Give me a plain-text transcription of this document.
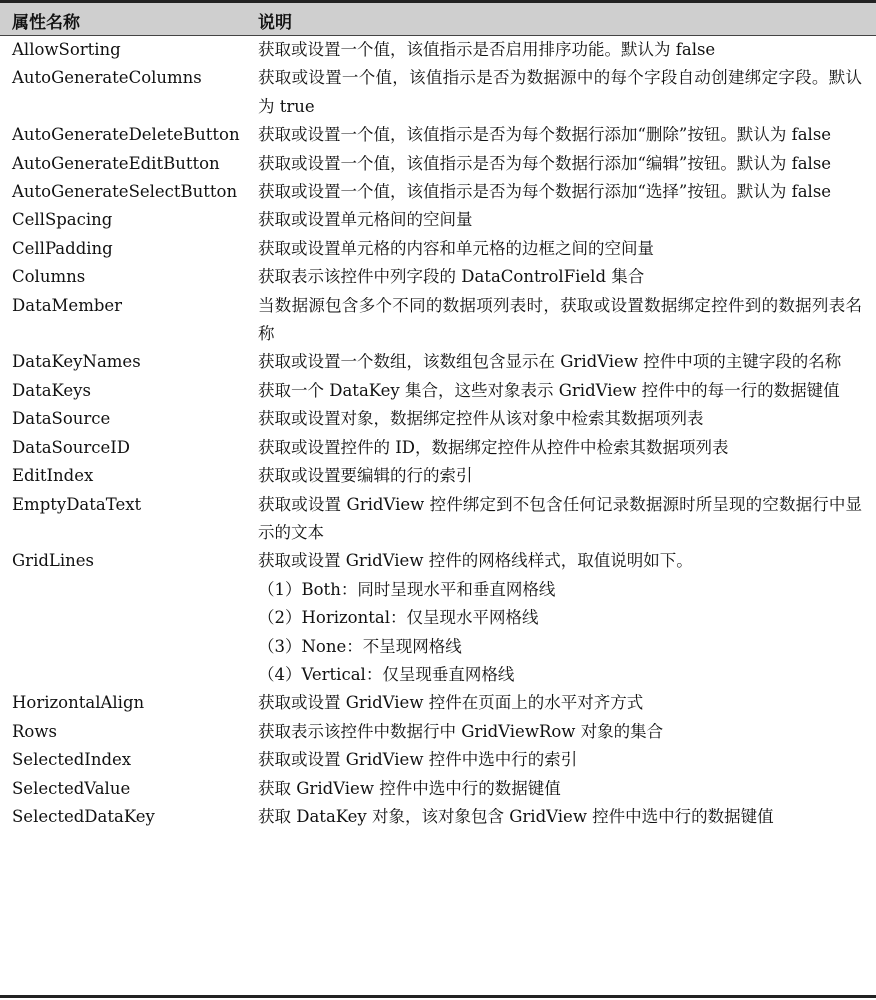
属性名称	说明
AllowSorting	获取或设置一个值，该值指示是否启用排序功能。默认为 false
AutoGenerateColumns	获取或设置一个值，该值指示是否为数据源中的每个字段自动创建绑定字段。默认为 true
AutoGenerateDeleteButton	获取或设置一个值，该值指示是否为每个数据行添加“删除”按钮。默认为 false
AutoGenerateEditButton	获取或设置一个值，该值指示是否为每个数据行添加“编辑”按钮。默认为 false
AutoGenerateSelectButton	获取或设置一个值，该值指示是否为每个数据行添加“选择”按钮。默认为 false
CellSpacing	获取或设置单元格间的空间量
CellPadding	获取或设置单元格的内容和单元格的边框之间的空间量
Columns	获取表示该控件中列字段的 DataControlField 集合
DataMember	当数据源包含多个不同的数据项列表时，获取或设置数据绑定控件到的数据列表名称
DataKeyNames	获取或设置一个数组，该数组包含显示在 GridView 控件中项的主键字段的名称
DataKeys	获取一个 DataKey 集合，这些对象表示 GridView 控件中的每一行的数据键值
DataSource	获取或设置对象，数据绑定控件从该对象中检索其数据项列表
DataSourceID	获取或设置控件的 ID，数据绑定控件从控件中检索其数据项列表
EditIndex	获取或设置要编辑的行的索引
EmptyDataText	获取或设置 GridView 控件绑定到不包含任何记录数据源时所呈现的空数据行中显示的文本
GridLines	获取或设置 GridView 控件的网格线样式，取值说明如下。
（1）Both：同时呈现水平和垂直网格线
（2）Horizontal：仅呈现水平网格线
（3）None：不呈现网格线
（4）Vertical：仅呈现垂直网格线

HorizontalAlign	获取或设置 GridView 控件在页面上的水平对齐方式
Rows	获取表示该控件中数据行中 GridViewRow 对象的集合
SelectedIndex	获取或设置 GridView 控件中选中行的索引
SelectedValue	获取 GridView 控件中选中行的数据键值
SelectedDataKey	获取 DataKey 对象，该对象包含 GridView 控件中选中行的数据键值
